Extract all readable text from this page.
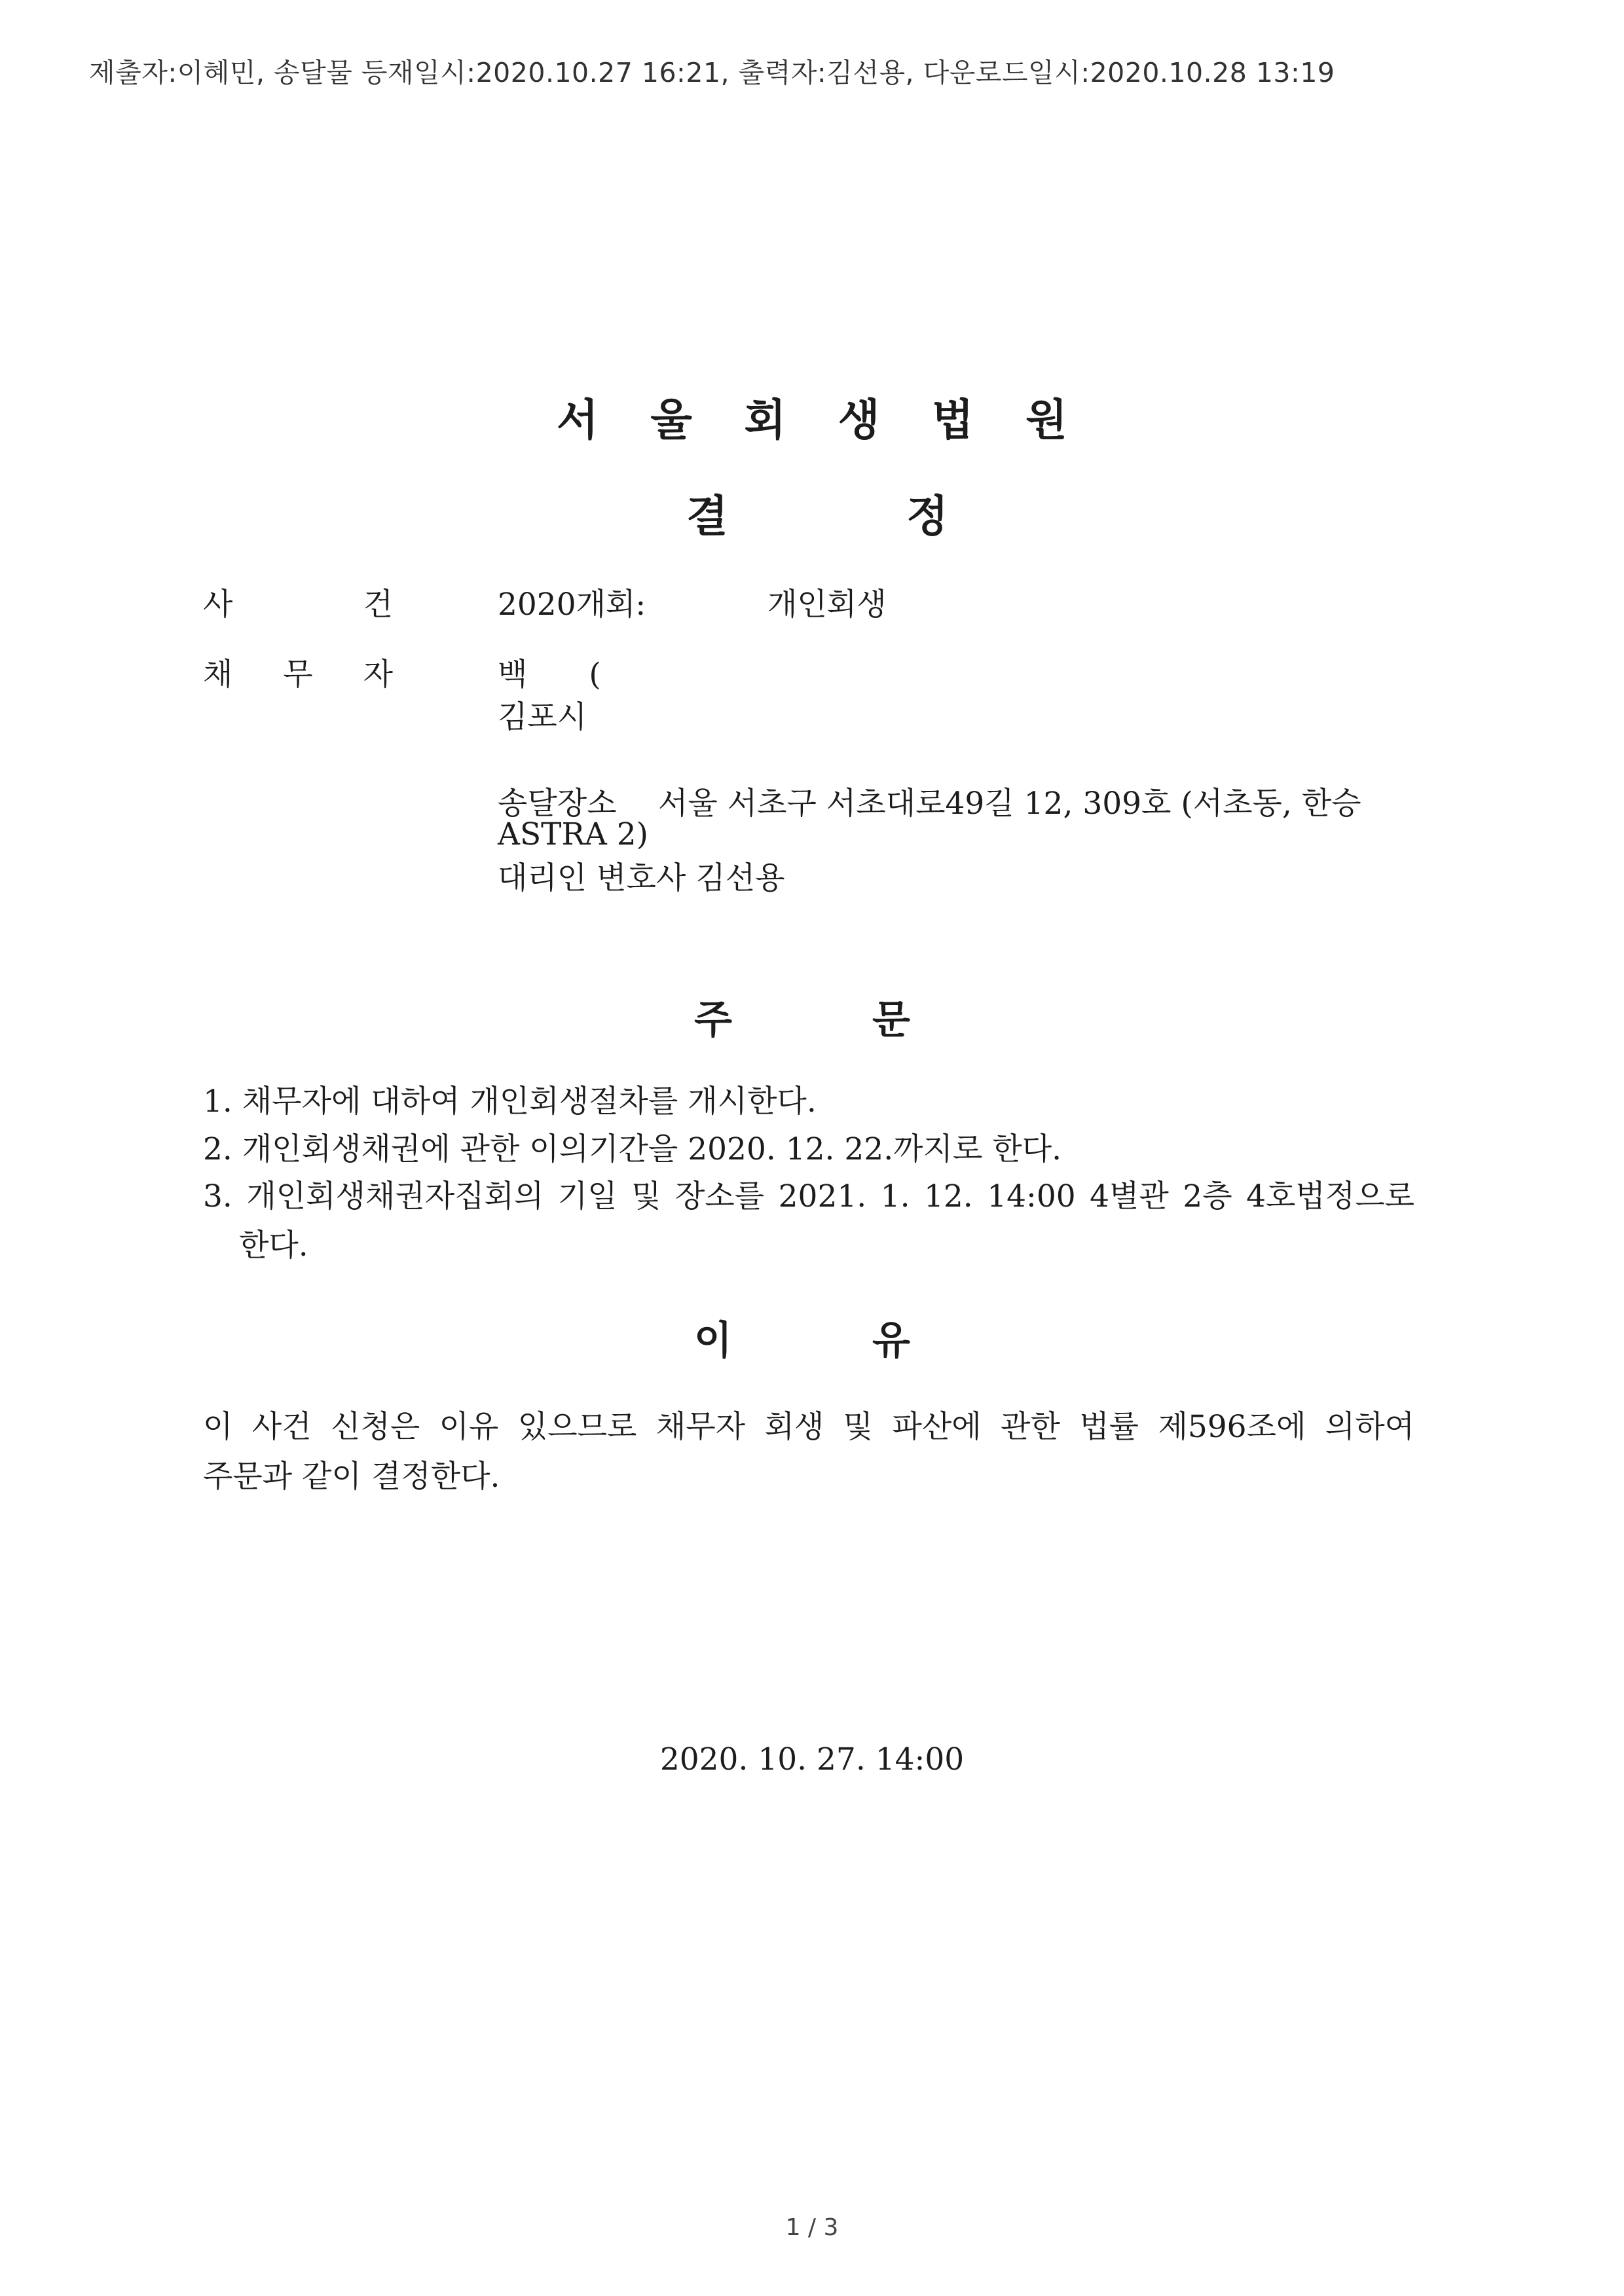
제출자:이혜민, 송달물 등재일시:2020.10.27 16:21, 출력자:김선용, 다운로드일시:2020.10.28 13:19
서 울 회 생 법 원
결	정
사	건	2020개회:	개인회생
채 무 자	백　　(
김포시
송달장소 서울 서초구 서초대로49길 12, 309호 (서초동, 한승
ASTRA 2)
대리인 변호사 김선용
주	문
1. 채무자에 대하여 개인회생절차를 개시한다.
2. 개인회생채권에 관한 이의기간을 2020. 12. 22.까지로 한다.
3. 개인회생채권자집회의 기일 및 장소를 2021. 1. 12. 14:00 4별관 2층 4호법정으로
한다.
이	유
이 사건 신청은 이유 있으므로 채무자 회생 및 파산에 관한 법률 제596조에 의하여
주문과 같이 결정한다.
2020. 10. 27. 14:00
1 / 3
